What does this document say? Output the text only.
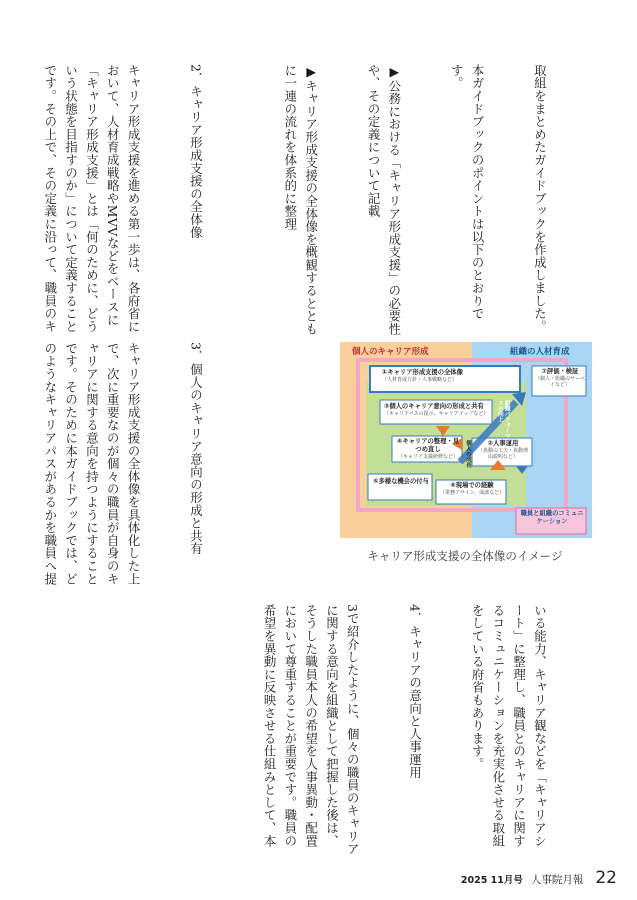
取組をまとめたガイドブックを作成しました。

本ガイドブックのポイントは以下のとおりです。

▶公務における「キャリア形成支援」の必要性や、その定義について記載

▶キャリア形成支援の全体像を概観するとともに一連の流れを体系的に整理

2．キャリア形成支援の全体像

キャリア形成支援を進める第一歩は、各府省において、人材育成戦略やMVVなどをベースに「キャリア形成支援」とは「何のために、どういう状態を目指すのか」について定義することです。その上で、その定義に沿って、職員のキ

3．個人のキャリア意向の形成と共有

キャリア形成支援の全体像を具体化した上で、次に重要なのが個々の職員が自身のキャリアに関する意向を持つようにすることです。そのために本ガイドブックでは、どのようなキャリアパスがあるかを職員へ提

いる能力、キャリア観などを「キャリアシート」に整理し、職員とのキャリアに関するコミュニケーションを充実化させる取組をしている府省もあります。

4．キャリアの意向と人事運用

3で紹介したように、個々の職員のキャリアに関する意向を組織として把握した後は、そうした職員本人の希望を人事異動・配置において尊重することが重要です。職員の希望を異動に反映させる仕組みとして、本

個人のキャリア形成	組織の人材育成
①キャリア形成支援の全体像
（人材育成方針・人事戦略など）
⑦評価・検証
（個人・組織のサーベイなど）
③個人のキャリア意向の形成と共有
（キャリアパスの提示、キャリアマップなど）
④キャリアの整理・見つめ直し
（キャリア支援研修など）
②人事運用
（異動の工夫・異動理由説明など）
⑤多様な機会の付与
⑥現場での経験
（業務アサイン、面談など）
職員と組織のコミュニケーション
組織パフォーマンスの向上
個人の成長
キャリア形成支援の全体像のイメージ
2025 11月号 人事院月報 22
